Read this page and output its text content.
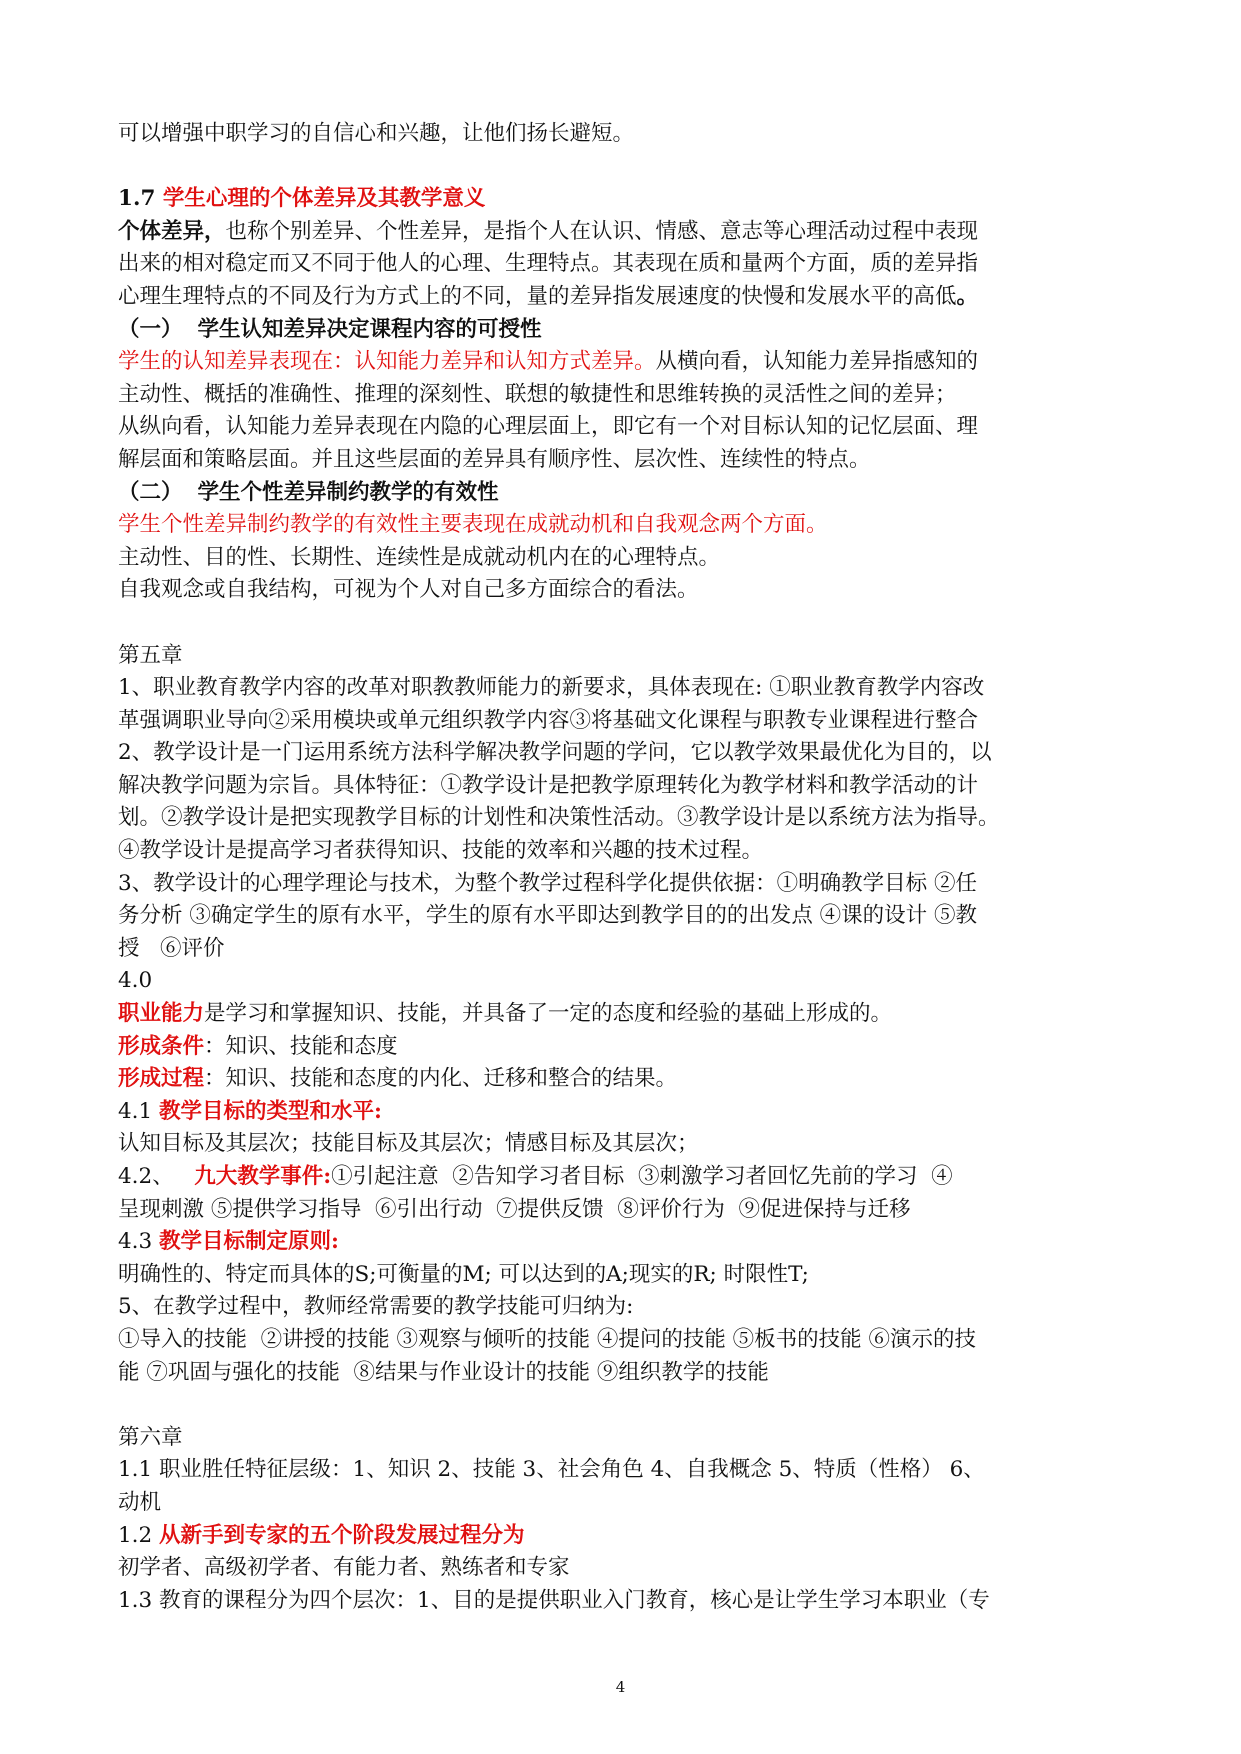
可以增强中职学习的自信心和兴趣，让他们扬长避短。
1.7 学生心理的个体差异及其教学意义
个体差异，也称个别差异、个性差异，是指个人在认识、情感、意志等心理活动过程中表现
出来的相对稳定而又不同于他人的心理、生理特点。其表现在质和量两个方面，质的差异指
心理生理特点的不同及行为方式上的不同，量的差异指发展速度的快慢和发展水平的高低。
（一）  学生认知差异决定课程内容的可授性
学生的认知差异表现在：认知能力差异和认知方式差异。从横向看，认知能力差异指感知的
主动性、概括的准确性、推理的深刻性、联想的敏捷性和思维转换的灵活性之间的差异；
从纵向看，认知能力差异表现在内隐的心理层面上，即它有一个对目标认知的记忆层面、理
解层面和策略层面。并且这些层面的差异具有顺序性、层次性、连续性的特点。
（二）  学生个性差异制约教学的有效性
学生个性差异制约教学的有效性主要表现在成就动机和自我观念两个方面。
主动性、目的性、长期性、连续性是成就动机内在的心理特点。
自我观念或自我结构，可视为个人对自己多方面综合的看法。
第五章
1、职业教育教学内容的改革对职教教师能力的新要求，具体表现在: ①职业教育教学内容改
革强调职业导向②采用模块或单元组织教学内容③将基础文化课程与职教专业课程进行整合
2、教学设计是一门运用系统方法科学解决教学问题的学问，它以教学效果最优化为目的，以
解决教学问题为宗旨。具体特征：①教学设计是把教学原理转化为教学材料和教学活动的计
划。②教学设计是把实现教学目标的计划性和决策性活动。③教学设计是以系统方法为指导。
④教学设计是提高学习者获得知识、技能的效率和兴趣的技术过程。
3、教学设计的心理学理论与技术，为整个教学过程科学化提供依据：①明确教学目标 ②任
务分析 ③确定学生的原有水平，学生的原有水平即达到教学目的的出发点 ④课的设计 ⑤教
授   ⑥评价
4.0
职业能力是学习和掌握知识、技能，并具备了一定的态度和经验的基础上形成的。
形成条件：知识、技能和态度
形成过程：知识、技能和态度的内化、迁移和整合的结果。
4.1 教学目标的类型和水平:
认知目标及其层次；技能目标及其层次；情感目标及其层次；
4.2、   九大教学事件:①引起注意  ②告知学习者目标  ③刺激学习者回忆先前的学习  ④
呈现刺激 ⑤提供学习指导  ⑥引出行动  ⑦提供反馈  ⑧评价行为  ⑨促进保持与迁移
4.3 教学目标制定原则:
明确性的、特定而具体的S;可衡量的M; 可以达到的A;现实的R; 时限性T;
5、在教学过程中，教师经常需要的教学技能可归纳为:
①导入的技能  ②讲授的技能 ③观察与倾听的技能 ④提问的技能 ⑤板书的技能 ⑥演示的技
能 ⑦巩固与强化的技能  ⑧结果与作业设计的技能 ⑨组织教学的技能
第六章
1.1 职业胜任特征层级：1、知识 2、技能 3、社会角色 4、自我概念 5、特质（性格） 6、
动机
1.2 从新手到专家的五个阶段发展过程分为
初学者、高级初学者、有能力者、熟练者和专家
1.3 教育的课程分为四个层次：1、目的是提供职业入门教育，核心是让学生学习本职业（专
4
